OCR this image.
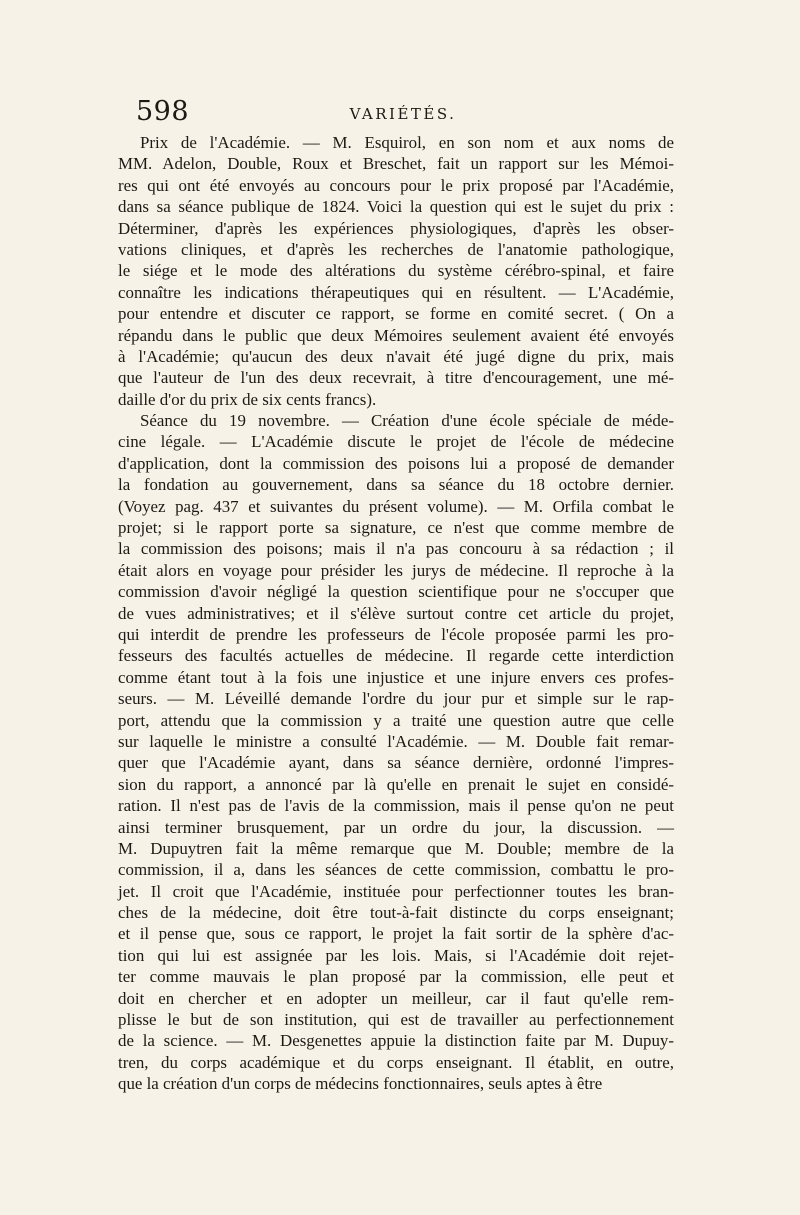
598	VARIÉTÉS.
Prix de l'Académie. — M. Esquirol, en son nom et aux noms de
MM. Adelon, Double, Roux et Breschet, fait un rapport sur les Mémoi-
res qui ont été envoyés au concours pour le prix proposé par l'Académie,
dans sa séance publique de 1824. Voici la question qui est le sujet du prix :
Déterminer, d'après les expériences physiologiques, d'après les obser-
vations cliniques, et d'après les recherches de l'anatomie pathologique,
le siége et le mode des altérations du système cérébro-spinal, et faire
connaître les indications thérapeutiques qui en résultent. — L'Académie,
pour entendre et discuter ce rapport, se forme en comité secret. ( On a
répandu dans le public que deux Mémoires seulement avaient été envoyés
à l'Académie; qu'aucun des deux n'avait été jugé digne du prix, mais
que l'auteur de l'un des deux recevrait, à titre d'encouragement, une mé-
daille d'or du prix de six cents francs).
Séance du 19 novembre. — Création d'une école spéciale de méde-
cine légale. — L'Académie discute le projet de l'école de médecine
d'application, dont la commission des poisons lui a proposé de demander
la fondation au gouvernement, dans sa séance du 18 octobre dernier.
(Voyez pag. 437 et suivantes du présent volume). — M. Orfila combat le
projet; si le rapport porte sa signature, ce n'est que comme membre de
la commission des poisons; mais il n'a pas concouru à sa rédaction ; il
était alors en voyage pour présider les jurys de médecine. Il reproche à la
commission d'avoir négligé la question scientifique pour ne s'occuper que
de vues administratives; et il s'élève surtout contre cet article du projet,
qui interdit de prendre les professeurs de l'école proposée parmi les pro-
fesseurs des facultés actuelles de médecine. Il regarde cette interdiction
comme étant tout à la fois une injustice et une injure envers ces profes-
seurs. — M. Léveillé demande l'ordre du jour pur et simple sur le rap-
port, attendu que la commission y a traité une question autre que celle
sur laquelle le ministre a consulté l'Académie. — M. Double fait remar-
quer que l'Académie ayant, dans sa séance dernière, ordonné l'impres-
sion du rapport, a annoncé par là qu'elle en prenait le sujet en considé-
ration. Il n'est pas de l'avis de la commission, mais il pense qu'on ne peut
ainsi terminer brusquement, par un ordre du jour, la discussion. —
M. Dupuytren fait la même remarque que M. Double; membre de la
commission, il a, dans les séances de cette commission, combattu le pro-
jet. Il croit que l'Académie, instituée pour perfectionner toutes les bran-
ches de la médecine, doit être tout-à-fait distincte du corps enseignant;
et il pense que, sous ce rapport, le projet la fait sortir de la sphère d'ac-
tion qui lui est assignée par les lois. Mais, si l'Académie doit rejet-
ter comme mauvais le plan proposé par la commission, elle peut et
doit en chercher et en adopter un meilleur, car il faut qu'elle rem-
plisse le but de son institution, qui est de travailler au perfectionnement
de la science. — M. Desgenettes appuie la distinction faite par M. Dupuy-
tren, du corps académique et du corps enseignant. Il établit, en outre,
que la création d'un corps de médecins fonctionnaires, seuls aptes à être
